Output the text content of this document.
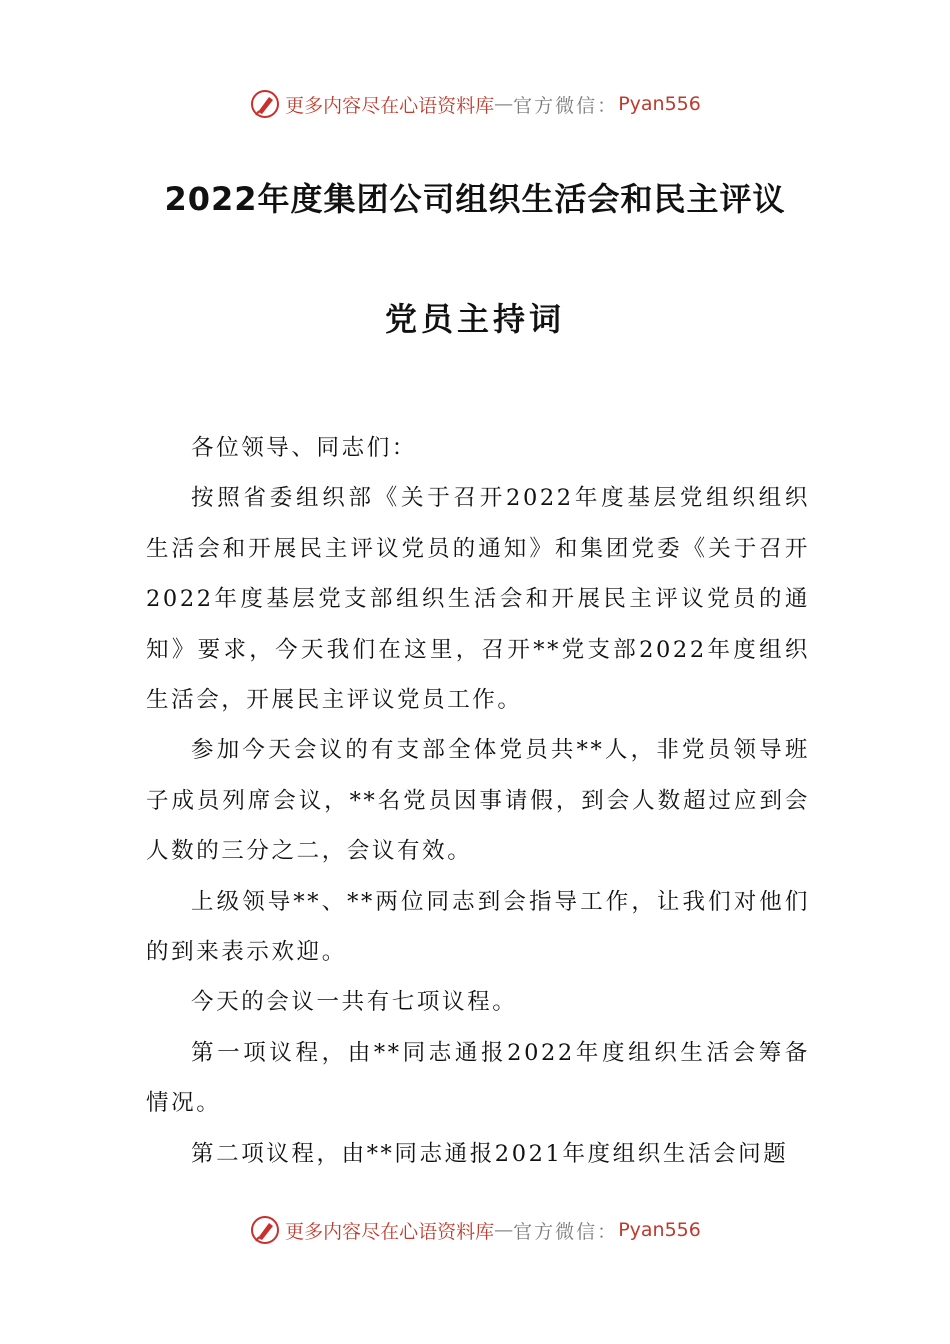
更多内容尽在心语资料库 — 官方微信： Pyan556
2022年度集团公司组织生活会和民主评议
党员主持词

各位领导、同志们：

按照省委组织部《关于召开2022年度基层党组织组织生活会和开展民主评议党员的通知》和集团党委《关于召开2022年度基层党支部组织生活会和开展民主评议党员的通知》要求，今天我们在这里，召开**党支部2022年度组织生活会，开展民主评议党员工作。

参加今天会议的有支部全体党员共**人，非党员领导班子成员列席会议，**名党员因事请假，到会人数超过应到会人数的三分之二，会议有效。

上级领导**、**两位同志到会指导工作，让我们对他们的到来表示欢迎。

今天的会议一共有七项议程。

第一项议程，由**同志通报2022年度组织生活会筹备情况。

第二项议程，由**同志通报2021年度组织生活会问题

更多内容尽在心语资料库 — 官方微信： Pyan556
